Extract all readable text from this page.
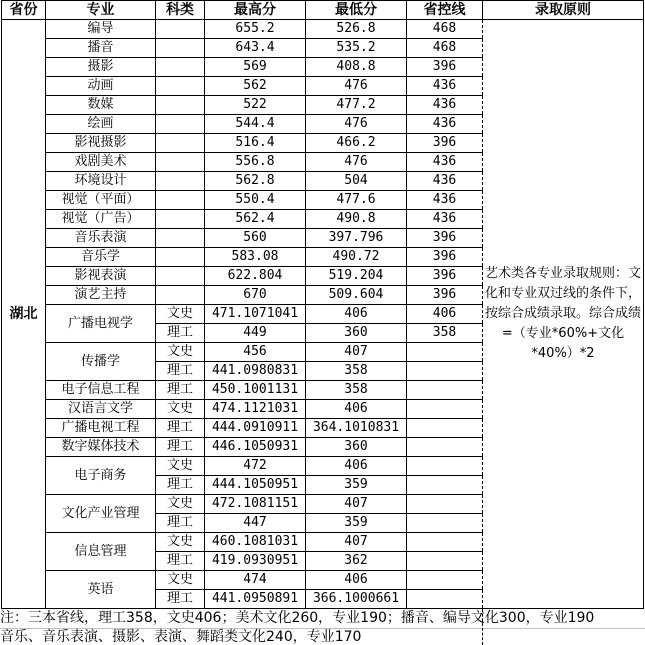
省份	专业	科类	最高分	最低分	省控线	录取原则
湖北	编导		655.2	526.8	468	艺术类各专业录取规则：文化和专业双过线的条件下，按综合成绩录取。综合成绩=（专业*60%+文化*40%）*2
	播音		643.4	535.2	468	
	摄影		569	408.8	396	
	动画		562	476	436	
	数媒		522	477.2	436	
	绘画		544.4	476	436	
	影视摄影		516.4	466.2	396	
	戏剧美术		556.8	476	436	
	环境设计		562.8	504	436	
	视觉（平面）		550.4	477.6	436	
	视觉（广告）		562.4	490.8	436	
	音乐表演		560	397.796	396	
	音乐学		583.08	490.72	396	
	影视表演		622.804	519.204	396	
	演艺主持		670	509.604	396	
	广播电视学	文史	471.1071041	406	406	
		理工	449	360	358	
	传播学	文史	456	407		
		理工	441.0980831	358		
	电子信息工程	理工	450.1001131	358		
	汉语言文学	文史	474.1121031	406		
	广播电视工程	理工	444.0910911	364.1010831		
	数字媒体技术	理工	446.1050931	360		
	电子商务	文史	472	406		
		理工	444.1050951	359		
	文化产业管理	文史	472.1081151	407		
		理工	447	359		
	信息管理	文史	460.1081031	407		
		理工	419.0930951	362		
	英语	文史	474	406		
		理工	441.0950891	366.1000661		
注：三本省线，理工358，文史406；美术文化260，专业190；播音、编导文化300，专业190
音乐、音乐表演、摄影、表演、舞蹈类文化240，专业170
